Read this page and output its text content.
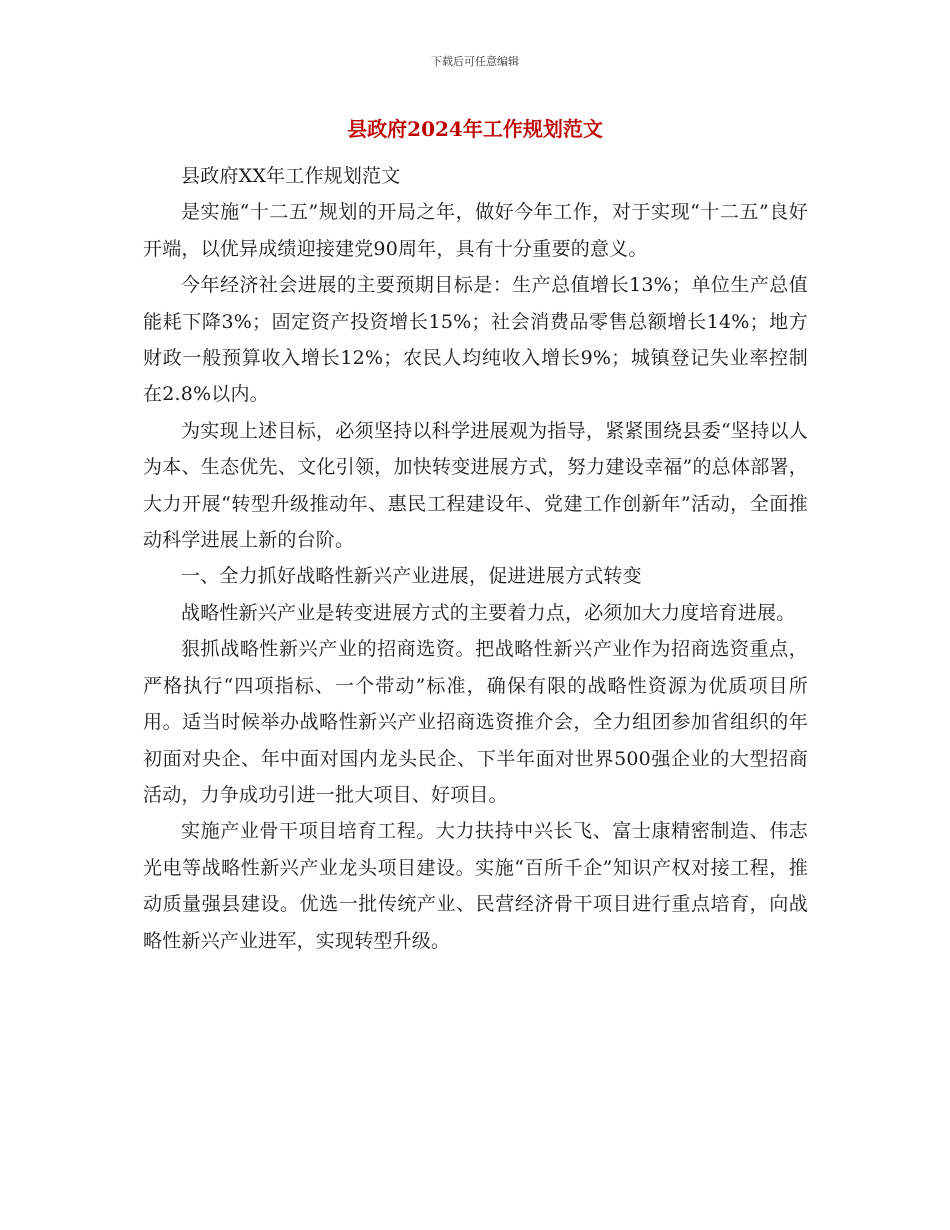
下载后可任意编辑
县政府2024年工作规划范文

县政府XX年工作规划范文

是实施“十二五”规划的开局之年，做好今年工作，对于实现“十二五”良好开端，以优异成绩迎接建党90周年，具有十分重要的意义。

今年经济社会进展的主要预期目标是：生产总值增长13%；单位生产总值能耗下降3%；固定资产投资增长15%；社会消费品零售总额增长14%；地方财政一般预算收入增长12%；农民人均纯收入增长9%；城镇登记失业率控制在2.8%以内。

为实现上述目标，必须坚持以科学进展观为指导，紧紧围绕县委“坚持以人为本、生态优先、文化引领，加快转变进展方式，努力建设幸福”的总体部署，大力开展“转型升级推动年、惠民工程建设年、党建工作创新年”活动，全面推动科学进展上新的台阶。

一、全力抓好战略性新兴产业进展，促进进展方式转变

战略性新兴产业是转变进展方式的主要着力点，必须加大力度培育进展。

狠抓战略性新兴产业的招商选资。把战略性新兴产业作为招商选资重点，严格执行“四项指标、一个带动”标准，确保有限的战略性资源为优质项目所用。适当时候举办战略性新兴产业招商选资推介会，全力组团参加省组织的年初面对央企、年中面对国内龙头民企、下半年面对世界500强企业的大型招商活动，力争成功引进一批大项目、好项目。

实施产业骨干项目培育工程。大力扶持中兴长飞、富士康精密制造、伟志光电等战略性新兴产业龙头项目建设。实施“百所千企”知识产权对接工程，推动质量强县建设。优选一批传统产业、民营经济骨干项目进行重点培育，向战略性新兴产业进军，实现转型升级。
